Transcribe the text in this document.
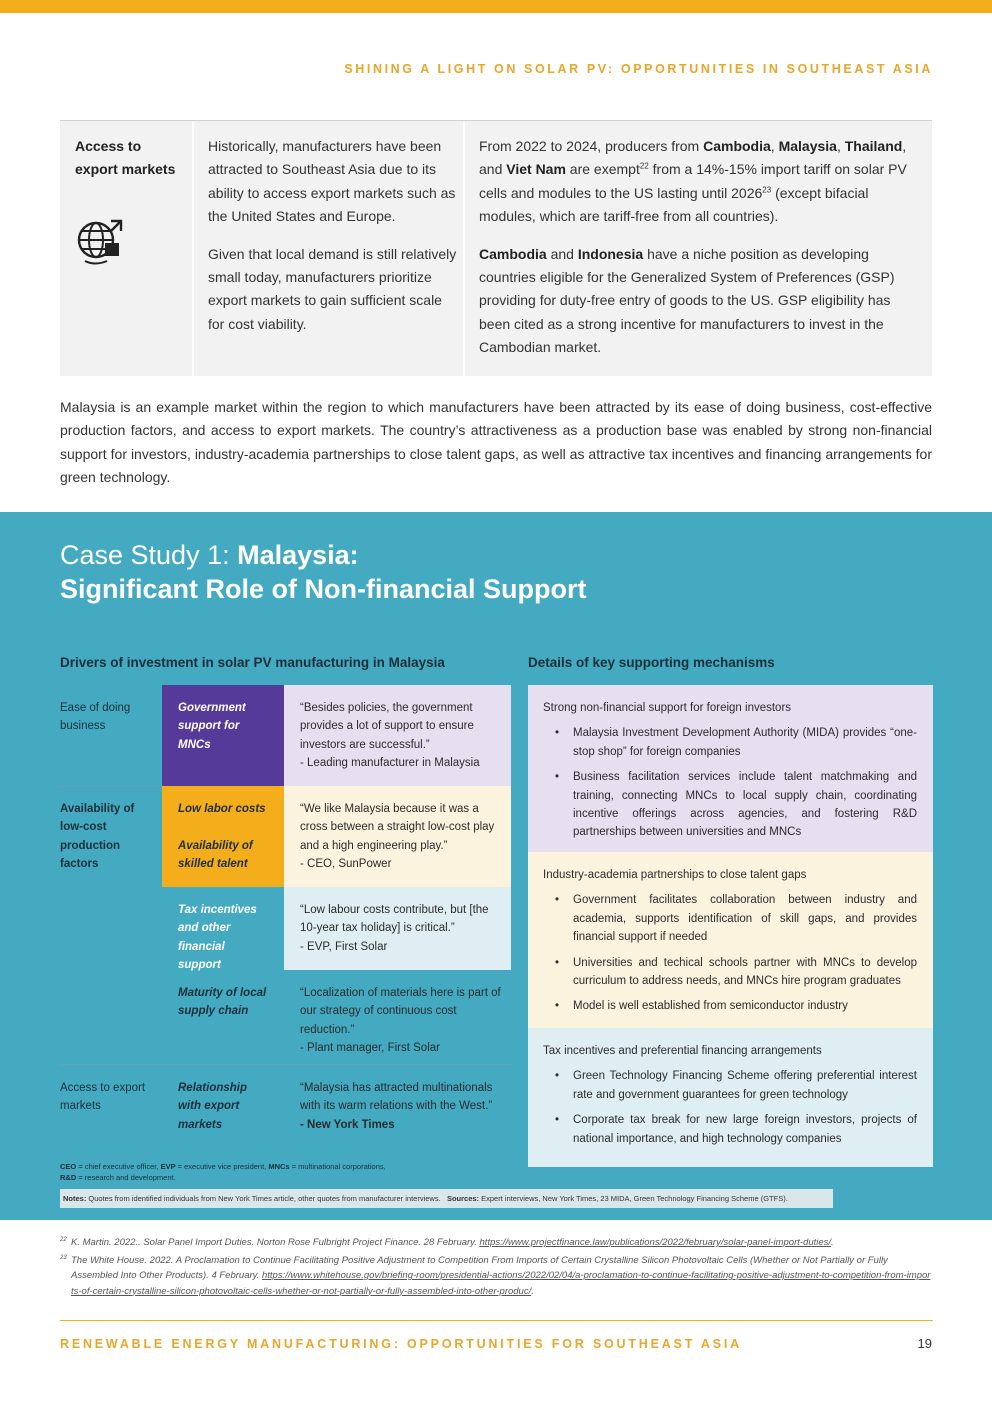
SHINING A LIGHT ON SOLAR PV: OPPORTUNITIES IN SOUTHEAST ASIA
Access to export markets

Historically, manufacturers have been attracted to Southeast Asia due to its ability to access export markets such as the United States and Europe.

Given that local demand is still relatively small today, manufacturers prioritize export markets to gain sufficient scale for cost viability.

From 2022 to 2024, producers from Cambodia, Malaysia, Thailand, and Viet Nam are exempt$^{22}$ from a 14%-15% import tariff on solar PV cells and modules to the US lasting until 2026$^{23}$ (except bifacial modules, which are tariff-free from all countries).

Cambodia and Indonesia have a niche position as developing countries eligible for the Generalized System of Preferences (GSP) providing for duty-free entry of goods to the US. GSP eligibility has been cited as a strong incentive for manufacturers to invest in the Cambodian market.

Malaysia is an example market within the region to which manufacturers have been attracted by its ease of doing business, cost-effective production factors, and access to export markets. The country’s attractiveness as a production base was enabled by strong non-financial support for investors, industry-academia partnerships to close talent gaps, as well as attractive tax incentives and financing arrangements for green technology.

Case Study 1: Malaysia:
Significant Role of Non-financial Support
Drivers of investment in solar PV manufacturing in Malaysia	Details of key supporting mechanisms
Ease of doing business
Government support for MNCs
“Besides policies, the government provides a lot of support to ensure investors are successful.”
- Leading manufacturer in Malaysia
Availability of low-cost production factors
Low labor costs
Availability of skilled talent
“We like Malaysia because it was a cross between a straight low-cost play and a high engineering play.”
- CEO, SunPower
Tax incentives and other financial support
“Low labour costs contribute, but [the 10-year tax holiday] is critical.”
- EVP, First Solar
Maturity of local supply chain
“Localization of materials here is part of our strategy of continuous cost reduction.”
- Plant manager, First Solar
Access to export markets
Relationship with export markets
“Malaysia has attracted multinationals with its warm relations with the West.”
- New York Times
Strong non-financial support for foreign investors
• Malaysia Investment Development Authority (MIDA) provides “one-stop shop” for foreign companies
• Business facilitation services include talent matchmaking and training, connecting MNCs to local supply chain, coordinating incentive offerings across agencies, and fostering R&D partnerships between universities and MNCs
Industry-academia partnerships to close talent gaps
• Government facilitates collaboration between industry and academia, supports identification of skill gaps, and provides financial support if needed
• Universities and techical schools partner with MNCs to develop curriculum to address needs, and MNCs hire program graduates
• Model is well established from semiconductor industry
Tax incentives and preferential financing arrangements
• Green Technology Financing Scheme offering preferential interest rate and government guarantees for green technology
• Corporate tax break for new large foreign investors, projects of national importance, and high technology companies
CEO = chief executive officer, EVP = executive vice president, MNCs = multinational corporations,
R&D = research and development.
Notes: Quotes from identified individuals from New York Times article, other quotes from manufacturer interviews. Sources: Expert interviews, New York Times, 23 MIDA, Green Technology Financing Scheme (GTFS).
22 K. Martin. 2022.. Solar Panel Import Duties. Norton Rose Fulbright Project Finance. 28 February. https://www.projectfinance.law/publications/2022/february/solar-panel-import-duties/.
23 The White House. 2022. A Proclamation to Continue Facilitating Positive Adjustment to Competition From Imports of Certain Crystalline Silicon Photovoltaic Cells (Whether or Not Partially or Fully Assembled Into Other Products). 4 February. https://www.whitehouse.gov/briefing-room/presidential-actions/2022/02/04/a-proclamation-to-continue-facilitating-positive-adjustment-to-competition-from-imports-of-certain-crystalline-silicon-photovoltaic-cells-whether-or-not-partially-or-fully-assembled-into-other-produc/.
RENEWABLE ENERGY MANUFACTURING: OPPORTUNITIES FOR SOUTHEAST ASIA	19
